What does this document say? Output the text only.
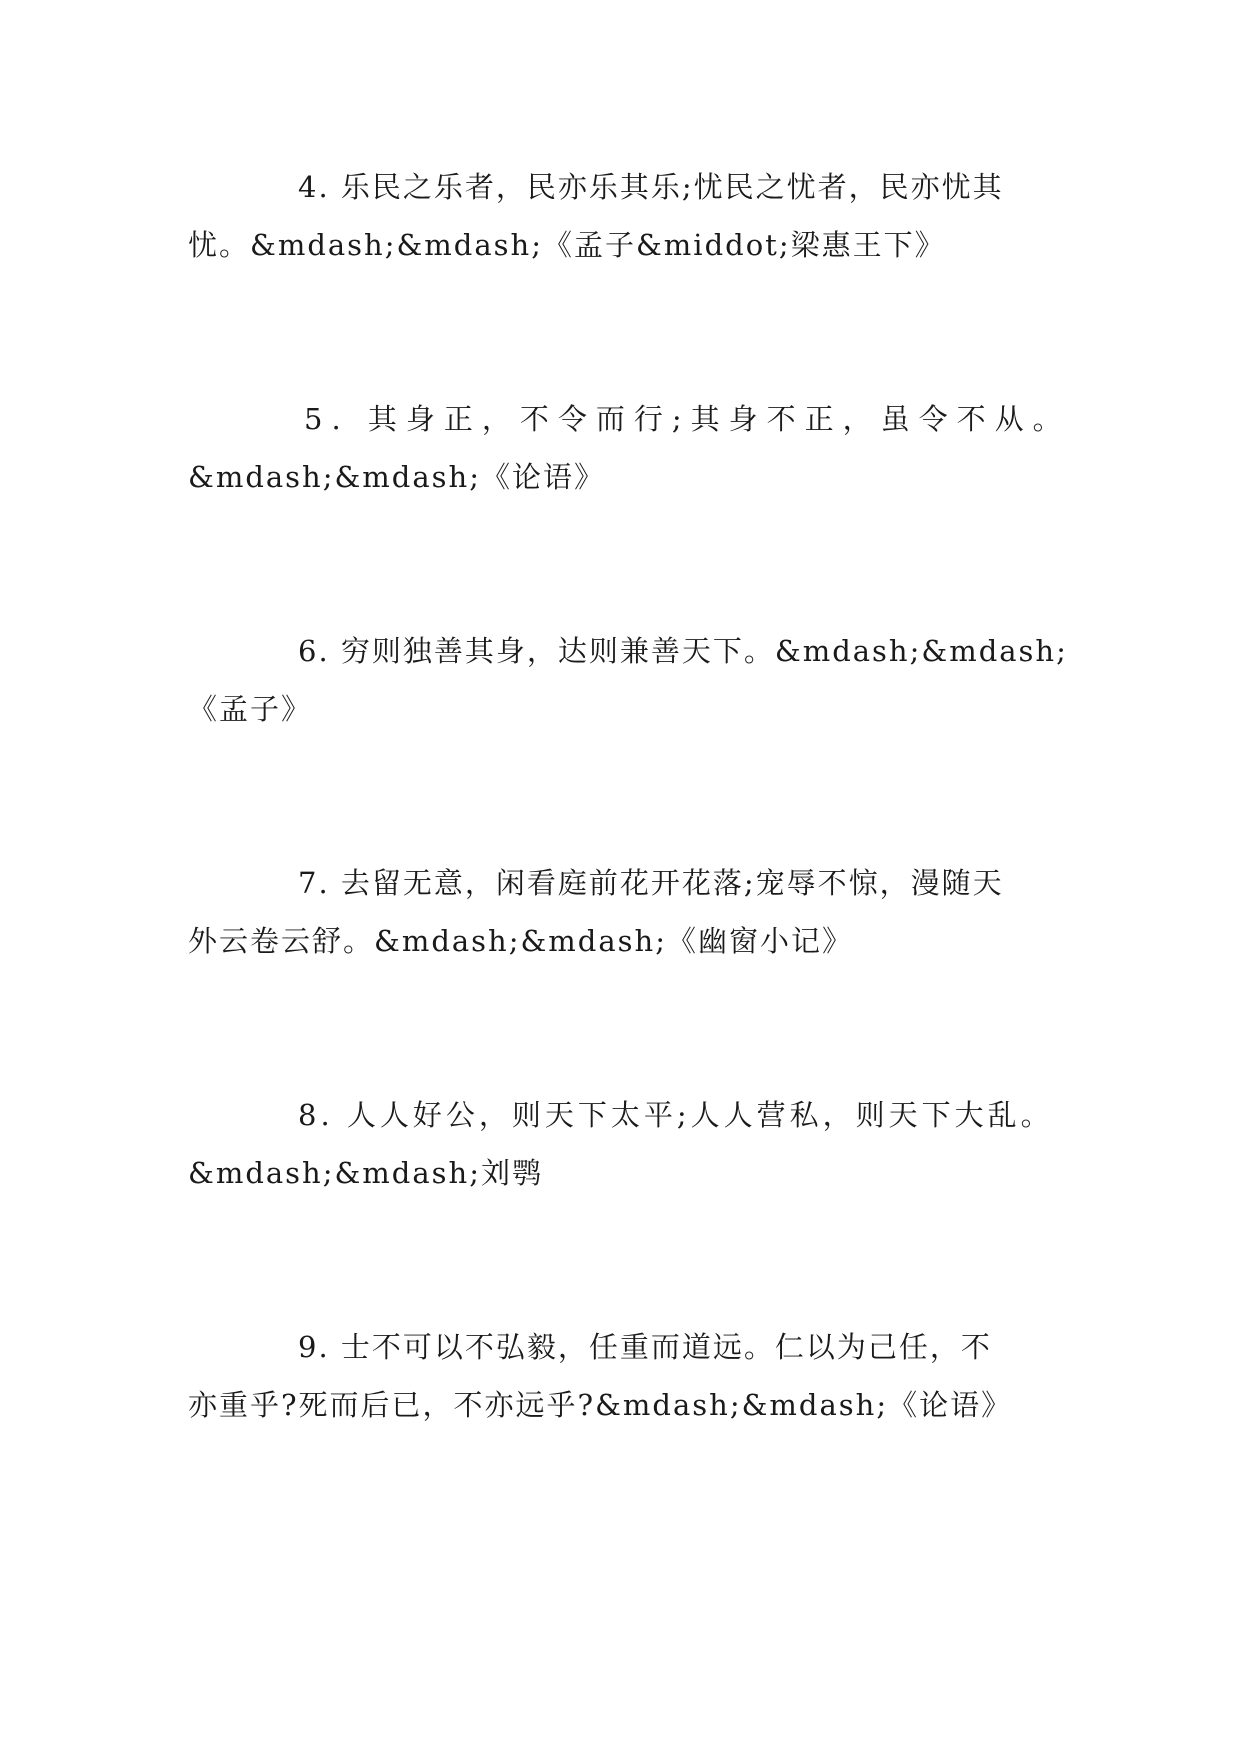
4. 乐民之乐者，民亦乐其乐;忧民之忧者，民亦忧其
忧。&mdash;&mdash;《孟子&middot;梁惠王下》

5. 其身正，不令而行;其身不正，虽令不从。
&mdash;&mdash;《论语》

6. 穷则独善其身，达则兼善天下。&mdash;&mdash;
《孟子》

7. 去留无意，闲看庭前花开花落;宠辱不惊，漫随天
外云卷云舒。&mdash;&mdash;《幽窗小记》

8. 人人好公，则天下太平;人人营私，则天下大乱。
&mdash;&mdash;刘鹗

9. 士不可以不弘毅，任重而道远。仁以为己任，不
亦重乎?死而后已，不亦远乎?&mdash;&mdash;《论语》
